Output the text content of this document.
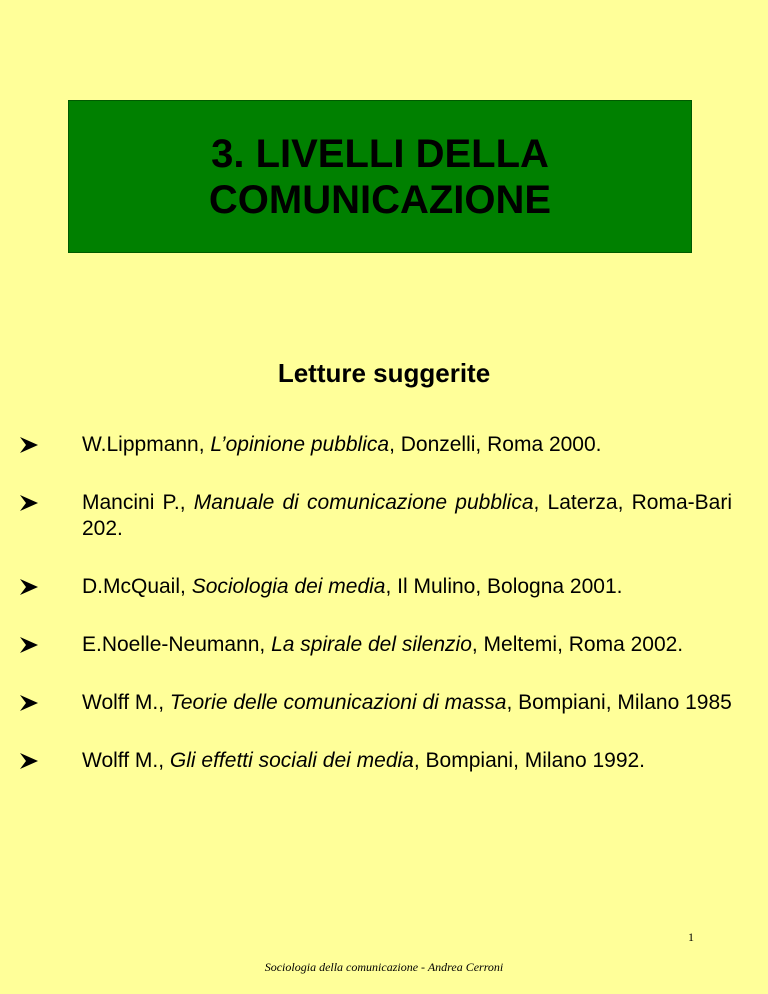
3. LIVELLI DELLA
COMUNICAZIONE
Letture suggerite
W.Lippmann, L’opinione pubblica, Donzelli, Roma 2000.
Mancini P., Manuale di comunicazione pubblica, Laterza, Roma-Bari 202.
D.McQuail, Sociologia dei media, Il Mulino, Bologna 2001.
E.Noelle-Neumann, La spirale del silenzio, Meltemi, Roma 2002.
Wolff M., Teorie delle comunicazioni di massa, Bompiani, Milano 1985
Wolff M., Gli effetti sociali dei media, Bompiani, Milano 1992.
1
Sociologia della comunicazione - Andrea Cerroni
